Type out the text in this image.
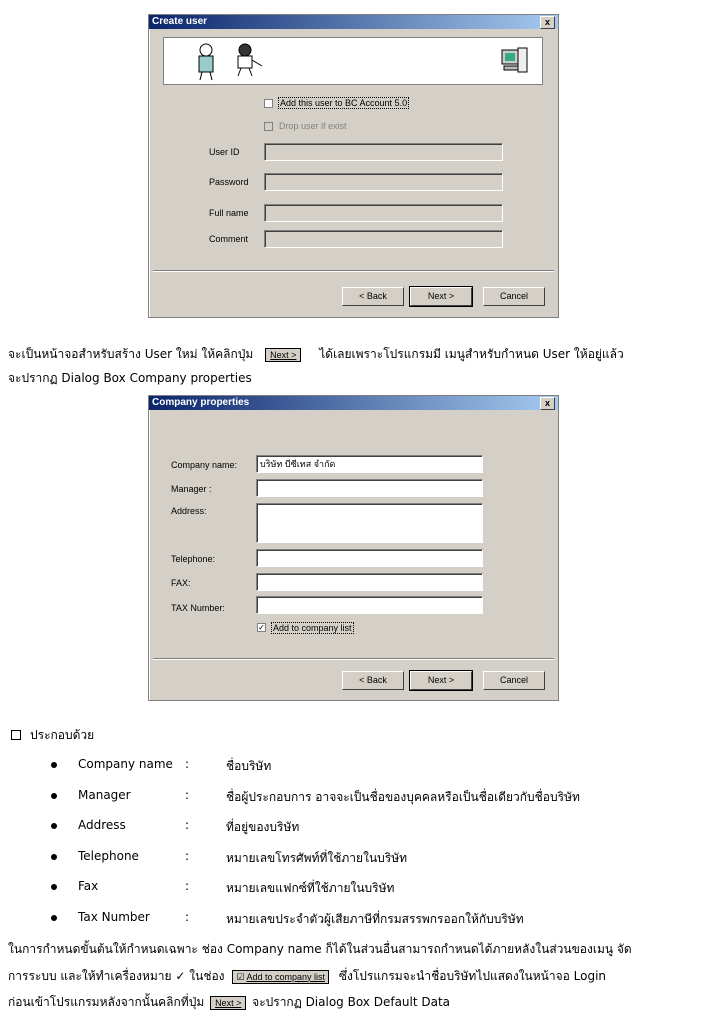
Create user	x
Add this user to BC Account 5.0
Drop user if exist
User ID
Password
Full name
Comment
< Back	Next >	Cancel
จะเป็นหน้าจอสำหรับสร้าง User ใหม่ ให้คลิกปุ่ม Next > ได้เลยเพราะโปรแกรมมี เมนูสำหรับกำหนด User ให้อยู่แล้ว
จะปรากฏ Dialog Box Company properties
Company properties	x
Company name:	บริษัท บีซีเทส จำกัด
Manager :
Address:
Telephone:
FAX:
TAX Number:
✓ Add to company list
< Back	Next >	Cancel
ประกอบด้วย
Company name :	ชื่อบริษัท
Manager	:	ชื่อผู้ประกอบการ อาจจะเป็นชื่อของบุคคลหรือเป็นชื่อเดียวกับชื่อบริษัท
Address	:	ที่อยู่ของบริษัท
Telephone	:	หมายเลขโทรศัพท์ที่ใช้ภายในบริษัท
Fax	:	หมายเลขแฟกซ์ที่ใช้ภายในบริษัท
Tax Number	:	หมายเลขประจำตัวผู้เสียภาษีที่กรมสรรพกรออกให้กับบริษัท
ในการกำหนดขั้นต้นให้กำหนดเฉพาะ ช่อง Company name ก็ได้ในส่วนอื่นสามารถกำหนดได้ภายหลังในส่วนของเมนู จัด
การระบบ และให้ทำเครื่องหมาย ✓ ในช่อง ☑ Add to company list ซึ่งโปรแกรมจะนำชื่อบริษัทไปแสดงในหน้าจอ Login
ก่อนเข้าโปรแกรมหลังจากนั้นคลิกที่ปุ่ม Next > จะปรากฏ Dialog Box Default Data
